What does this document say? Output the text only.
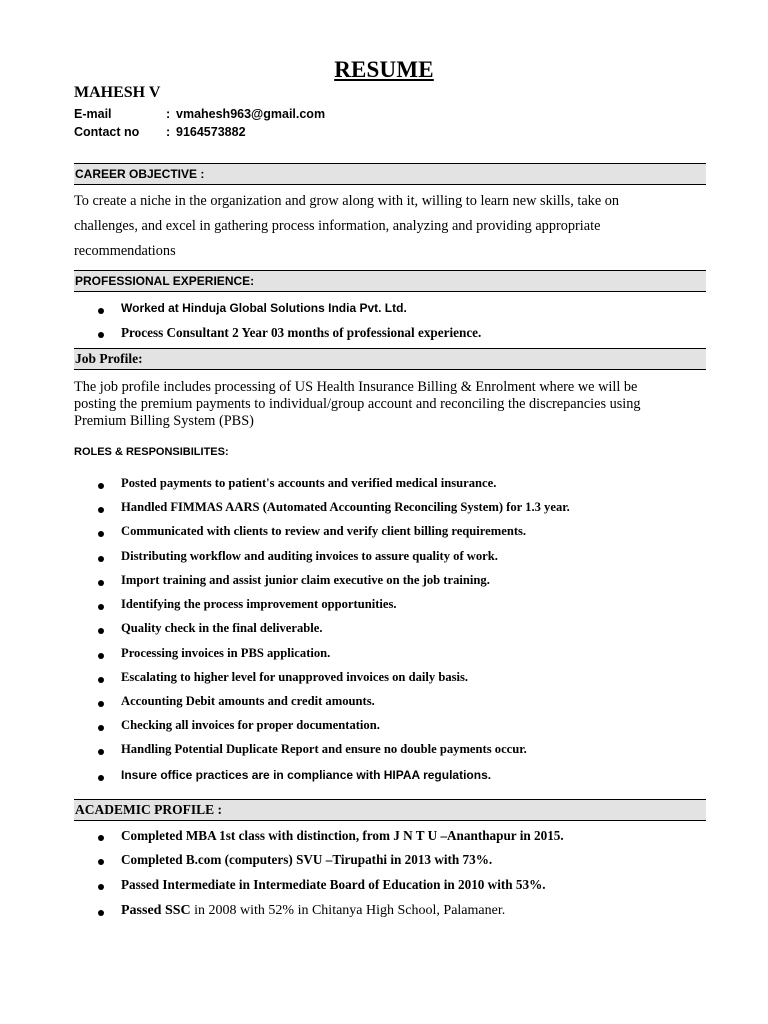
RESUME
MAHESH V
E-mail	: vmahesh963@gmail.com
Contact no : 9164573882
CAREER OBJECTIVE :
To create a niche in the organization and grow along with it, willing to learn new skills, take on
challenges, and excel in gathering process information, analyzing and providing appropriate
recommendations
PROFESSIONAL EXPERIENCE:
Worked at Hinduja Global Solutions India Pvt. Ltd.
Process Consultant 2 Year 03 months of professional experience.
Job Profile:
The job profile includes processing of US Health Insurance Billing & Enrolment where we will be
posting the premium payments to individual/group account and reconciling the discrepancies using
Premium Billing System (PBS)
ROLES & RESPONSIBILITES:
Posted payments to patient's accounts and verified medical insurance.
Handled FIMMAS AARS (Automated Accounting Reconciling System) for 1.3 year.
Communicated with clients to review and verify client billing requirements.
Distributing workflow and auditing invoices to assure quality of work.
Import training and assist junior claim executive on the job training.
Identifying the process improvement opportunities.
Quality check in the final deliverable.
Processing invoices in PBS application.
Escalating to higher level for unapproved invoices on daily basis.
Accounting Debit amounts and credit amounts.
Checking all invoices for proper documentation.
Handling Potential Duplicate Report and ensure no double payments occur.
Insure office practices are in compliance with HIPAA regulations.
ACADEMIC PROFILE :
Completed MBA 1st class with distinction, from J N T U –Ananthapur in 2015.
Completed B.com (computers) SVU –Tirupathi in 2013 with 73%.
Passed Intermediate in Intermediate Board of Education in 2010 with 53%.
Passed SSC in 2008 with 52% in Chitanya High School, Palamaner.
